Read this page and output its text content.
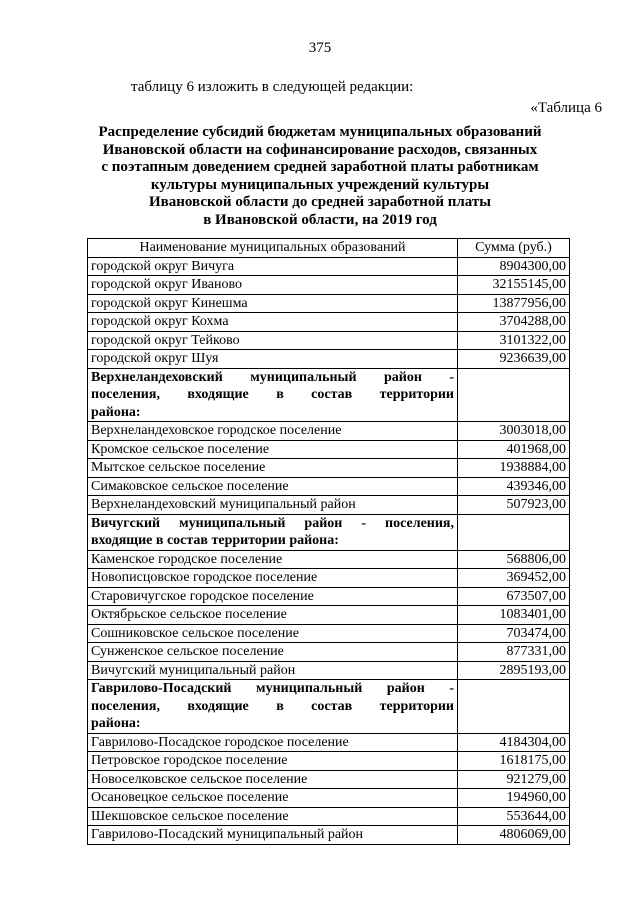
375
таблицу 6 изложить в следующей редакции:
«Таблица 6
Распределение субсидий бюджетам муниципальных образований
Ивановской области на софинансирование расходов, связанных
с поэтапным доведением средней заработной платы работникам
культуры муниципальных учреждений культуры
Ивановской области до средней заработной платы
в Ивановской области, на 2019 год
Наименование муниципальных образований	Сумма (руб.)
городской округ Вичуга	8904300,00
городской округ Иваново	32155145,00
городской округ Кинешма	13877956,00
городской округ Кохма	3704288,00
городской округ Тейково	3101322,00
городской округ Шуя	9236639,00
Верхнеландеховский муниципальный район - поселения, входящие в состав территории
района:	

Верхнеландеховское городское поселение	3003018,00
Кромское сельское поселение	401968,00
Мытское сельское поселение	1938884,00
Симаковское сельское поселение	439346,00
Верхнеландеховский муниципальный район	507923,00
Вичугский муниципальный район - поселения,
входящие в состав территории района:	

Каменское городское поселение	568806,00
Новописцовское городское поселение	369452,00
Старовичугское городское поселение	673507,00
Октябрьское сельское поселение	1083401,00
Сошниковское сельское поселение	703474,00
Сунженское сельское поселение	877331,00
Вичугский муниципальный район	2895193,00
Гаврилово-Посадский муниципальный район - поселения, входящие в состав территории
района:	

Гаврилово-Посадское городское поселение	4184304,00
Петровское городское поселение	1618175,00
Новоселковское сельское поселение	921279,00
Осановецкое сельское поселение	194960,00
Шекшовское сельское поселение	553644,00
Гаврилово-Посадский муниципальный район	4806069,00
